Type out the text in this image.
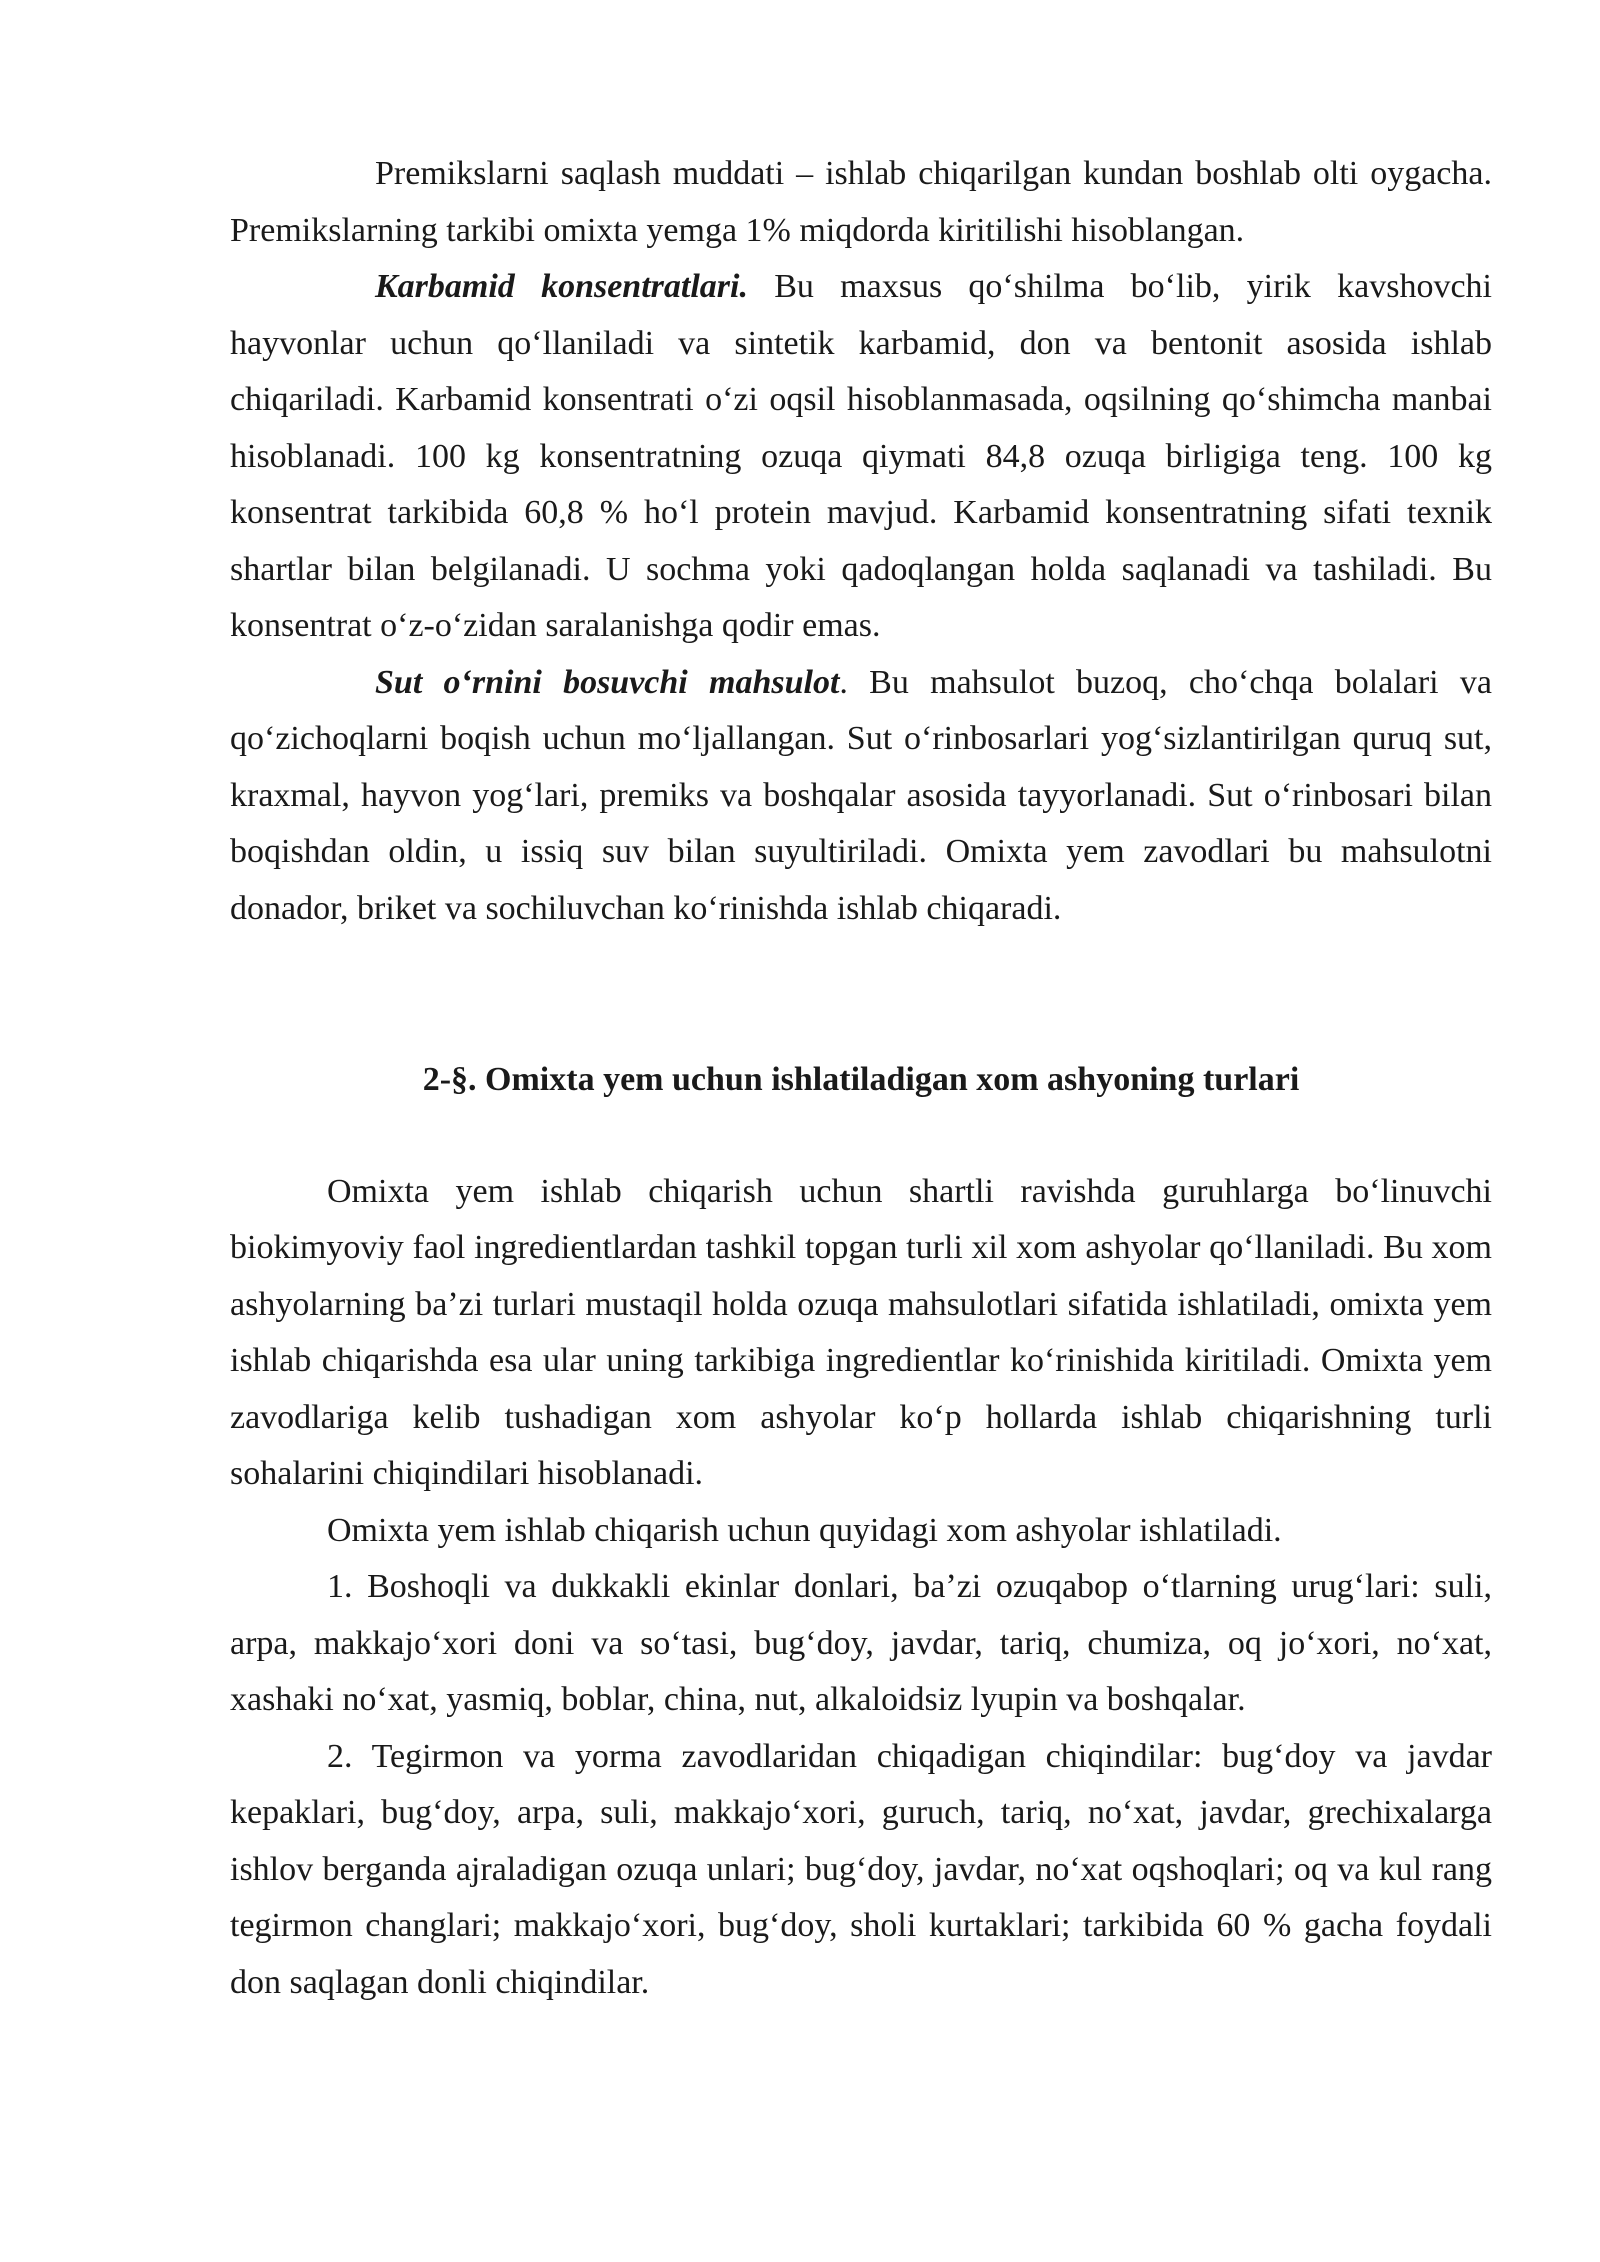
Premikslarni saqlash muddati – ishlab chiqarilgan kundan boshlab olti oygacha. Premikslarning tarkibi omixta yemga 1% miqdorda kiritilishi hisoblangan.

Karbamid konsentratlari. Bu maxsus qoʻshilma boʻlib, yirik kavshovchi hayvonlar uchun qoʻllaniladi va sintetik karbamid, don va bentonit asosida ishlab chiqariladi. Karbamid konsentrati oʻzi oqsil hisoblanmasada, oqsilning qoʻshimcha manbai hisoblanadi. 100 kg konsentratning ozuqa qiymati 84,8 ozuqa birligiga teng. 100 kg konsentrat tarkibida 60,8 % hoʻl protein mavjud. Karbamid konsentratning sifati texnik shartlar bilan belgilanadi. U sochma yoki qadoqlangan holda saqlanadi va tashiladi. Bu konsentrat oʻz-oʻzidan saralanishga qodir emas.

Sut oʻrnini bosuvchi mahsulot. Bu mahsulot buzoq, choʻchqa bolalari va qoʻzichoqlarni boqish uchun moʻljallangan. Sut oʻrinbosarlari yogʻsizlantirilgan quruq sut, kraxmal, hayvon yogʻlari, premiks va boshqalar asosida tayyorlanadi. Sut oʻrinbosari bilan boqishdan oldin, u issiq suv bilan suyultiriladi. Omixta yem zavodlari bu mahsulotni donador, briket va sochiluvchan koʻrinishda ishlab chiqaradi.

2-§. Omixta yem uchun ishlatiladigan xom ashyoning turlari

Omixta yem ishlab chiqarish uchun shartli ravishda guruhlarga boʻlinuvchi biokimyoviy faol ingredientlardan tashkil topgan turli xil xom ashyolar qoʻllaniladi. Bu xom ashyolarning baʼzi turlari mustaqil holda ozuqa mahsulotlari sifatida ishlatiladi, omixta yem ishlab chiqarishda esa ular uning tarkibiga ingredientlar koʻrinishida kiritiladi. Omixta yem zavodlariga kelib tushadigan xom ashyolar koʻp hollarda ishlab chiqarishning turli sohalarini chiqindilari hisoblanadi.

Omixta yem ishlab chiqarish uchun quyidagi xom ashyolar ishlatiladi.

1. Boshoqli va dukkakli ekinlar donlari, baʼzi ozuqabop oʻtlarning urugʻlari: suli, arpa, makkajoʻxori doni va soʻtasi, bugʻdoy, javdar, tariq, chumiza, oq joʻxori, noʻxat, xashaki noʻxat, yasmiq, boblar, china, nut, alkaloidsiz lyupin va boshqalar.

2. Tegirmon va yorma zavodlaridan chiqadigan chiqindilar: bugʻdoy va javdar kepaklari, bugʻdoy, arpa, suli, makkajoʻxori, guruch, tariq, noʻxat, javdar, grechixalarga ishlov berganda ajraladigan ozuqa unlari; bugʻdoy, javdar, noʻxat oqshoqlari; oq va kul rang tegirmon changlari; makkajoʻxori, bugʻdoy, sholi kurtaklari; tarkibida 60 % gacha foydali don saqlagan donli chiqindilar.
